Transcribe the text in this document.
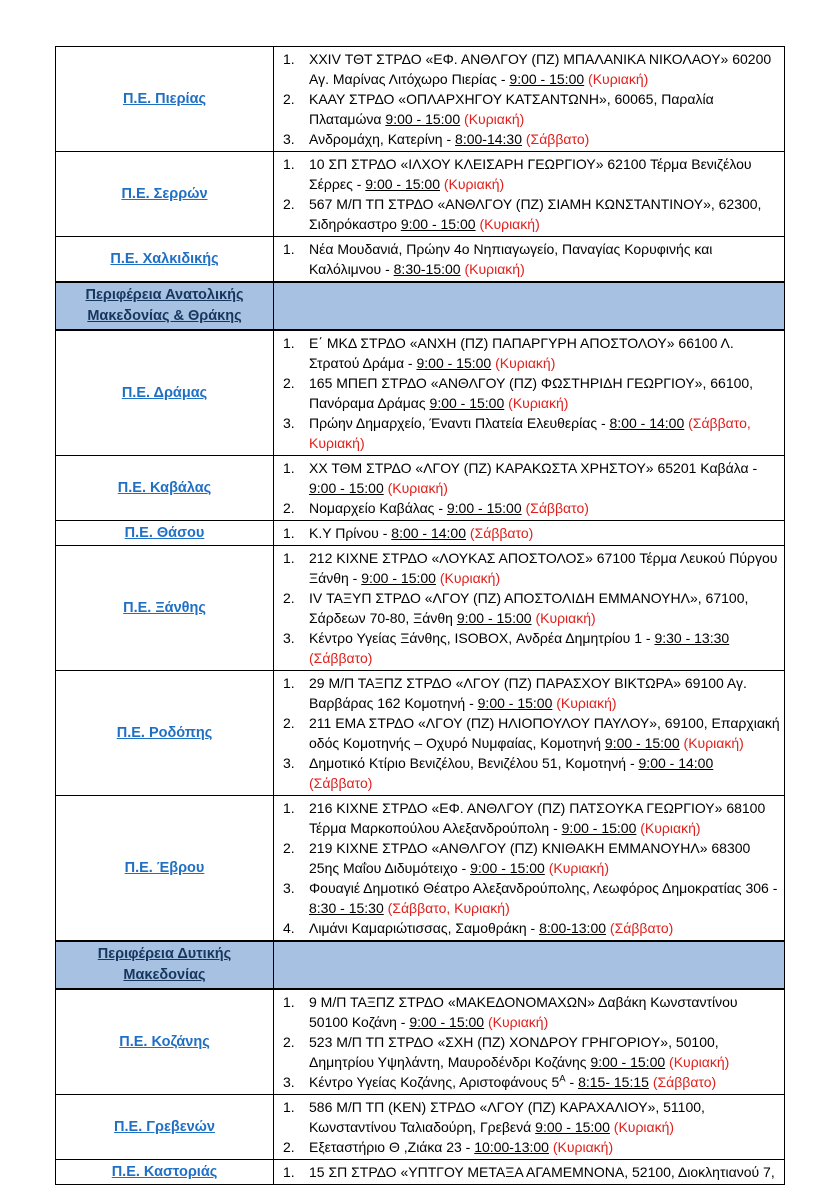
Π.Ε. Πιερίας	
1.	XXIV ΤΘΤ ΣΤΡΔΟ «ΕΦ. ΑΝΘΛΓΟΥ (ΠΖ) ΜΠΑΛΑΝΙΚΑ ΝΙΚΟΛΑΟΥ» 60200 Αγ. Μαρίνας Λιτόχωρο Πιερίας - 9:00 - 15:00 (Κυριακή)
2.	ΚΑΑΥ ΣΤΡΔΟ «ΟΠΛΑΡΧΗΓΟΥ ΚΑΤΣΑΝΤΩΝΗ», 60065, Παραλία Πλαταμώνα 9:00 - 15:00 (Κυριακή)
3.	Ανδρομάχη, Κατερίνη - 8:00-14:30 (Σάββατο)

Π.Ε. Σερρών	1. 10 ΣΠ ΣΤΡΔΟ «ΙΛΧΟΥ ΚΛΕΙΣΑΡΗ ΓΕΩΡΓΙΟΥ» 62100 Τέρμα Βενιζέλου Σέρρες - 9:00 - 15:00 (Κυριακή)
2. 567 Μ/Π ΤΠ ΣΤΡΔΟ «ΑΝΘΛΓΟΥ (ΠΖ) ΣΙΑΜΗ ΚΩΝΣΤΑΝΤΙΝΟΥ», 62300, Σιδηρόκαστρο 9:00 - 15:00 (Κυριακή)

Π.Ε. Χαλκιδικής	1. Νέα Μουδανιά, Πρώην 4ο Νηπιαγωγείο, Παναγίας Κορυφινής και Καλόλιμνου - 8:30-15:00 (Κυριακή)

Περιφέρεια Ανατολικής Μακεδονίας & Θράκης	
Π.Ε. Δράμας	
1.	Ε΄ ΜΚΔ ΣΤΡΔΟ «ΑΝΧΗ (ΠΖ) ΠΑΠΑΡΓΥΡΗ ΑΠΟΣΤΟΛΟΥ» 66100 Λ. Στρατού Δράμα - 9:00 - 15:00 (Κυριακή)
2.	165 ΜΠΕΠ ΣΤΡΔΟ «ΑΝΘΛΓΟΥ (ΠΖ) ΦΩΣΤΗΡΙΔΗ ΓΕΩΡΓΙΟΥ», 66100, Πανόραμα Δράμας 9:00 - 15:00 (Κυριακή)
3.	Πρώην Δημαρχείο, Έναντι Πλατεία Ελευθερίας - 8:00 - 14:00 (Σάββατο, Κυριακή)

Π.Ε. Καβάλας	1. ΧΧ ΤΘΜ ΣΤΡΔΟ «ΛΓΟΥ (ΠΖ) ΚΑΡΑΚΩΣΤΑ ΧΡΗΣΤΟΥ» 65201 Καβάλα - 9:00 - 15:00 (Κυριακή)
2. Νομαρχείο Καβάλας - 9:00 - 15:00 (Σάββατο)

Π.Ε. Θάσου	1. Κ.Υ Πρίνου - 8:00 - 14:00 (Σάββατο)

Π.Ε. Ξάνθης	
1.	212 ΚΙΧΝΕ ΣΤΡΔΟ «ΛΟΥΚΑΣ ΑΠΟΣΤΟΛΟΣ» 67100 Τέρμα Λευκού Πύργου Ξάνθη - 9:00 - 15:00 (Κυριακή)
2.	IV ΤΑΞΥΠ ΣΤΡΔΟ «ΛΓΟΥ (ΠΖ) ΑΠΟΣΤΟΛΙΔΗ ΕΜΜΑΝΟΥΗΛ», 67100, Σάρδεων 70-80, Ξάνθη 9:00 - 15:00 (Κυριακή)
3.	Κέντρο Υγείας Ξάνθης, ISOBOX, Ανδρέα Δημητρίου 1 - 9:30 - 13:30 (Σάββατο)

Π.Ε. Ροδόπης	
1.	29 Μ/Π ΤΑΞΠΖ ΣΤΡΔΟ «ΛΓΟΥ (ΠΖ) ΠΑΡΑΣΧΟΥ ΒΙΚΤΩΡΑ» 69100 Αγ. Βαρβάρας 162 Κομοτηνή - 9:00 - 15:00 (Κυριακή)
2.	211 ΕΜΑ ΣΤΡΔΟ «ΛΓΟΥ (ΠΖ) ΗΛΙΟΠΟΥΛΟΥ ΠΑΥΛΟΥ», 69100, Επαρχιακή οδός Κομοτηνής – Οχυρό Νυμφαίας, Κομοτηνή 9:00 - 15:00 (Κυριακή)
3.	Δημοτικό Κτίριο Βενιζέλου, Βενιζέλου 51, Κομοτηνή - 9:00 - 14:00 (Σάββατο)

Π.Ε. Έβρου	
1.	216 ΚΙΧΝΕ ΣΤΡΔΟ «ΕΦ. ΑΝΘΛΓΟΥ (ΠΖ) ΠΑΤΣΟΥΚΑ ΓΕΩΡΓΙΟΥ» 68100 Τέρμα Μαρκοπούλου Αλεξανδρούπολη - 9:00 - 15:00 (Κυριακή)
2.	219 ΚΙΧΝΕ ΣΤΡΔΟ «ΑΝΘΛΓΟΥ (ΠΖ) ΚΝΙΘΑΚΗ ΕΜΜΑΝΟΥΗΛ» 68300 25ης Μαΐου Διδυμότειχο - 9:00 - 15:00 (Κυριακή)
3.	Φουαγιέ Δημοτικό Θέατρο Αλεξανδρούπολης, Λεωφόρος Δημοκρατίας 306 - 8:30 - 15:30 (Σάββατο, Κυριακή)
4.	Λιμάνι Καμαριώτισσας, Σαμοθράκη - 8:00-13:00 (Σάββατο)

Περιφέρεια Δυτικής Μακεδονίας	
Π.Ε. Κοζάνης	
1.	9 Μ/Π ΤΑΞΠΖ ΣΤΡΔΟ «ΜΑΚΕΔΟΝΟΜΑΧΩΝ» Δαβάκη Κωνσταντίνου 50100 Κοζάνη - 9:00 - 15:00 (Κυριακή)
2.	523 Μ/Π ΤΠ ΣΤΡΔΟ «ΣΧΗ (ΠΖ) ΧΟΝΔΡΟΥ ΓΡΗΓΟΡΙΟΥ», 50100, Δημητρίου Υψηλάντη, Μαυροδένδρι Κοζάνης 9:00 - 15:00 (Κυριακή)
3.	Κέντρο Υγείας Κοζάνης, Αριστοφάνους $5^A$ - 8:15- 15:15 (Σάββατο)

Π.Ε. Γρεβενών	1. 586 Μ/Π ΤΠ (ΚΕΝ) ΣΤΡΔΟ «ΛΓΟΥ (ΠΖ) ΚΑΡΑΧΑΛΙΟΥ», 51100, Κωνσταντίνου Ταλιαδούρη, Γρεβενά 9:00 - 15:00 (Κυριακή)
2. Εξεταστήριο Θ ,Ζιάκα 23 - 10:00-13:00 (Κυριακή)

Π.Ε. Καστοριάς	1. 15 ΣΠ ΣΤΡΔΟ «ΥΠΤΓΟΥ ΜΕΤΑΞΑ ΑΓΑΜΕΜΝΟΝΑ, 52100, Διοκλητιανού 7,
